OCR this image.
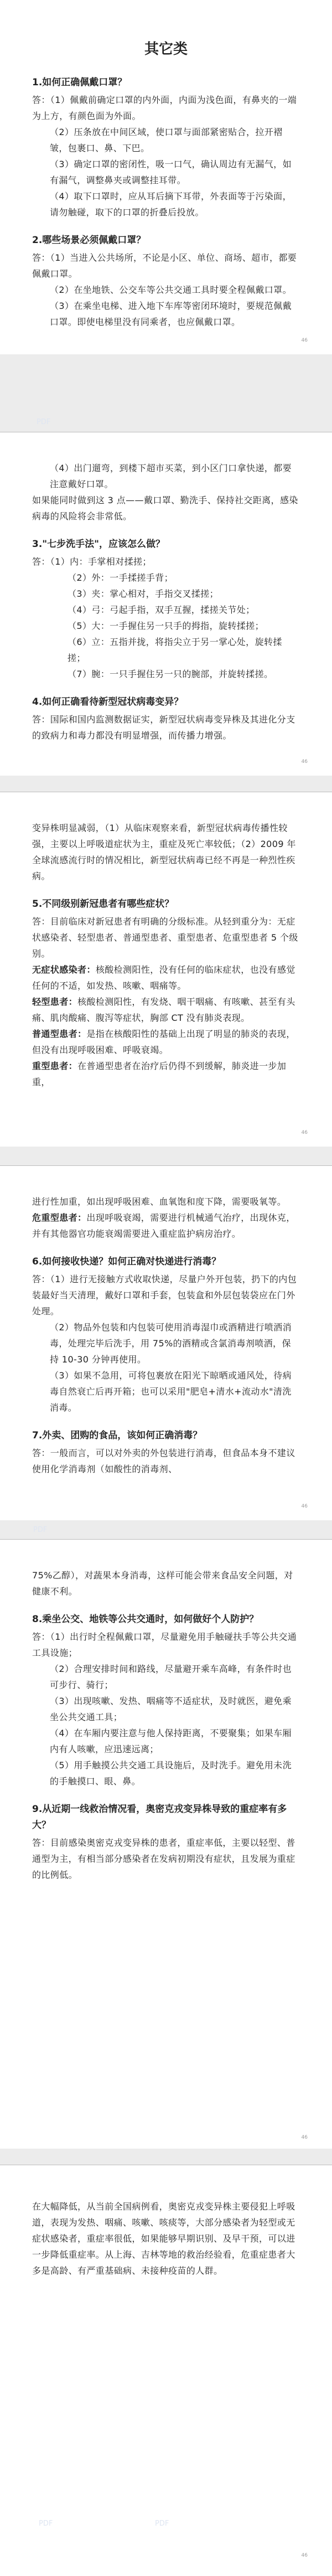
其它类
1.如何正确佩戴口罩？

答：（1）佩戴前确定口罩的内外面，内面为浅色面，有鼻夹的一端为上方，有颜色面为外面。

（2）压条放在中间区域，使口罩与面部紧密贴合，拉开褶皱，包裹口、鼻、下巴。

（3）确定口罩的密闭性，吸一口气，确认周边有无漏气，如有漏气，调整鼻夹或调整挂耳带。

（4）取下口罩时，应从耳后摘下耳带，外表面等于污染面，请勿触碰，取下的口罩的折叠后投放。

2.哪些场景必须佩戴口罩？

答：（1）当进入公共场所，不论是小区、单位、商场、超市，都要佩戴口罩。

（2）在坐地铁、公交车等公共交通工具时要全程佩戴口罩。

（3）在乘坐电梯、进入地下车库等密闭环境时，要规范佩戴口罩。即使电梯里没有同乘者，也应佩戴口罩。

46
PDF

（4）出门遛弯，到楼下超市买菜，到小区门口拿快递，都要注意戴好口罩。

如果能同时做到这 3 点——戴口罩、勤洗手、保持社交距离，感染病毒的风险将会非常低。

3."七步洗手法"，应该怎么做？

答：（1）内：手掌相对揉搓；

（2）外：一手揉搓手背；

（3）夹：掌心相对，手指交叉揉搓；

（4）弓：弓起手指，双手互握，揉搓关节处；

（5）大：一手握住另一只手的拇指，旋转揉搓；

（6）立：五指并拢，将指尖立于另一掌心处，旋转揉搓；

（7）腕：一只手握住另一只的腕部，并旋转揉搓。

4.如何正确看待新型冠状病毒变异？

答：国际和国内监测数据证实，新型冠状病毒变异株及其进化分支的致病力和毒力都没有明显增强，而传播力增强。

46

变异株明显减弱，（1）从临床观察来看，新型冠状病毒传播性较强，主要以上呼吸道症状为主，重症及死亡率较低；（2）2009 年全球流感流行时的情况相比，新型冠状病毒已经不再是一种烈性疾病。

5.不同级别新冠患者有哪些症状？

答：目前临床对新冠患者有明确的分级标准。从轻到重分为：无症状感染者、轻型患者、普通型患者、重型患者、危重型患者 5 个级别。

无症状感染者：核酸检测阳性，没有任何的临床症状，也没有感觉任何的不适，如发热、咳嗽、咽痛等。

轻型患者：核酸检测阳性，有发烧、咽干咽痛、有咳嗽、甚至有头痛、肌肉酸痛、腹泻等症状，胸部 CT 没有肺炎表现。

普通型患者：是指在核酸阳性的基础上出现了明显的肺炎的表现，但没有出现呼吸困难、呼吸衰竭。

重型患者：在普通型患者在治疗后仍得不到缓解，肺炎进一步加重，

46

进行性加重，如出现呼吸困难、血氧饱和度下降，需要吸氧等。

危重型患者：出现呼吸衰竭，需要进行机械通气治疗，出现休克，并有其他器官功能衰竭需要进入重症监护病房治疗。

6.如何接收快递？如何正确对快递进行消毒？

答：（1）进行无接触方式收取快递，尽量户外开包装，扔下的内包装最好当天清理，戴好口罩和手套，包装盒和外层包装袋应在门外处理。

（2）物品外包装和内包装可使用消毒湿巾或酒精进行喷洒消毒，处理完毕后洗手，用 75%的酒精或含氯消毒剂喷洒，保持 10-30 分钟再使用。

（3）如果不急用，可将包裹放在阳光下晾晒或通风处，待病毒自然衰亡后再开箱；也可以采用"肥皂+清水+流动水"清洗消毒。

7.外卖、团购的食品，该如何正确消毒？

答：一般而言，可以对外卖的外包装进行消毒，但食品本身不建议使用化学消毒剂（如酸性的消毒剂、

46
PDF

75%乙醇），对蔬果本身消毒，这样可能会带来食品安全问题，对健康不利。

8.乘坐公交、地铁等公共交通时，如何做好个人防护？

答：（1）出行时全程佩戴口罩，尽量避免用手触碰扶手等公共交通工具设施；

（2）合理安排时间和路线，尽量避开乘车高峰，有条件时也可步行、骑行；

（3）出现咳嗽、发热、咽痛等不适症状，及时就医，避免乘坐公共交通工具；

（4）在车厢内要注意与他人保持距离，不要聚集；如果车厢内有人咳嗽，应迅速远离；

（5）用手触摸公共交通工具设施后，及时洗手。避免用未洗的手触摸口、眼、鼻。

9.从近期一线救治情况看，奥密克戎变异株导致的重症率有多大？

答：目前感染奥密克戎变异株的患者，重症率低，主要以轻型、普通型为主，有相当部分感染者在发病初期没有症状，且发展为重症的比例低。

46

在大幅降低，从当前全国病例看，奥密克戎变异株主要侵犯上呼吸道，表现为发热、咽痛、咳嗽、咳痰等，大部分感染者为轻型或无症状感染者，重症率很低，如果能够早期识别、及早干预，可以进一步降低重症率。从上海、吉林等地的救治经验看，危重症患者大多是高龄、有严重基础病、未接种疫苗的人群。

PDF	PDF
46
